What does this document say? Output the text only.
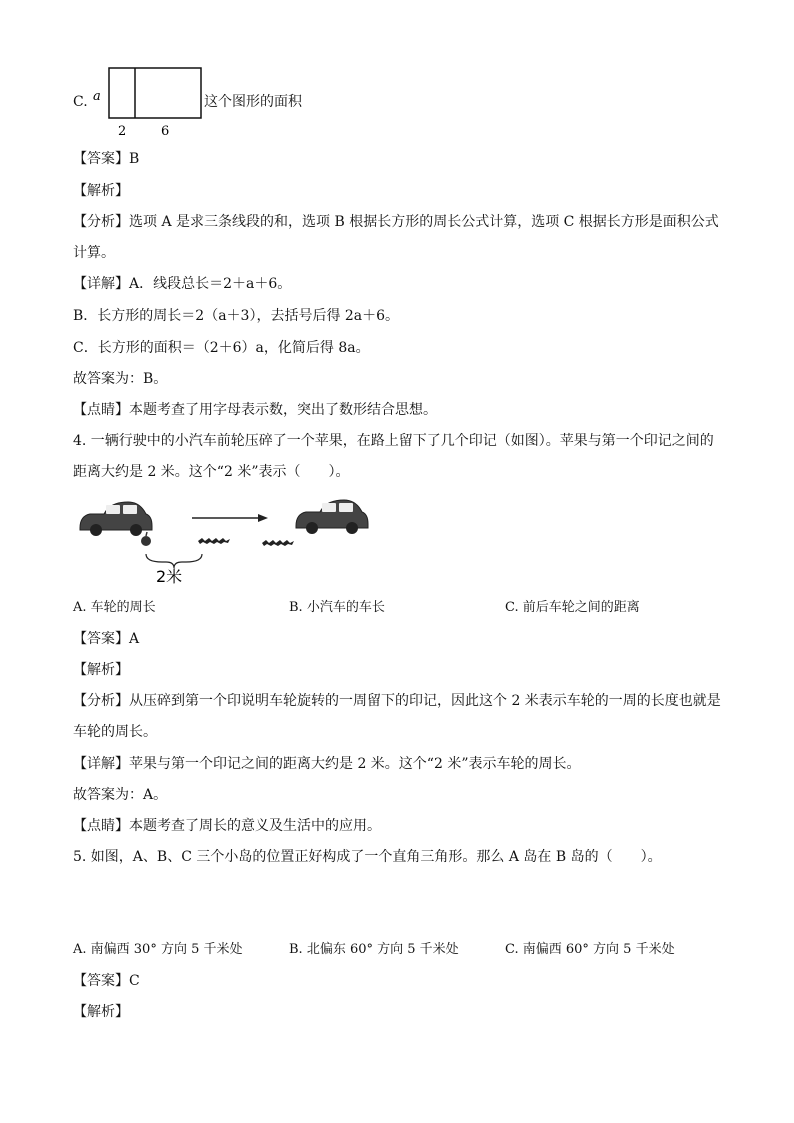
C. a
2	6
这个图形的面积
【答案】B
【解析】
【分析】选项 A 是求三条线段的和，选项 B 根据长方形的周长公式计算，选项 C 根据长方形是面积公式
计算。
【详解】A．线段总长＝2＋a＋6。
B．长方形的周长＝2（a＋3），去括号后得 2a＋6。
C．长方形的面积＝（2＋6）a，化简后得 8a。
故答案为：B。
【点睛】本题考查了用字母表示数，突出了数形结合思想。
4. 一辆行驶中的小汽车前轮压碎了一个苹果，在路上留下了几个印记（如图）。苹果与第一个印记之间的
距离大约是 2 米。这个“2 米”表示（　　）。
2米
A. 车轮的周长	B. 小汽车的车长	C. 前后车轮之间的距离
【答案】A
【解析】
【分析】从压碎到第一个印说明车轮旋转的一周留下的印记，因此这个 2 米表示车轮的一周的长度也就是
车轮的周长。
【详解】苹果与第一个印记之间的距离大约是 2 米。这个“2 米”表示车轮的周长。
故答案为：A。
【点睛】本题考查了周长的意义及生活中的应用。
5. 如图，A、B、C 三个小岛的位置正好构成了一个直角三角形。那么 A 岛在 B 岛的（　　）。
A. 南偏西 30° 方向 5 千米处	B. 北偏东 60° 方向 5 千米处	C. 南偏西 60° 方向 5 千米处
【答案】C
【解析】
